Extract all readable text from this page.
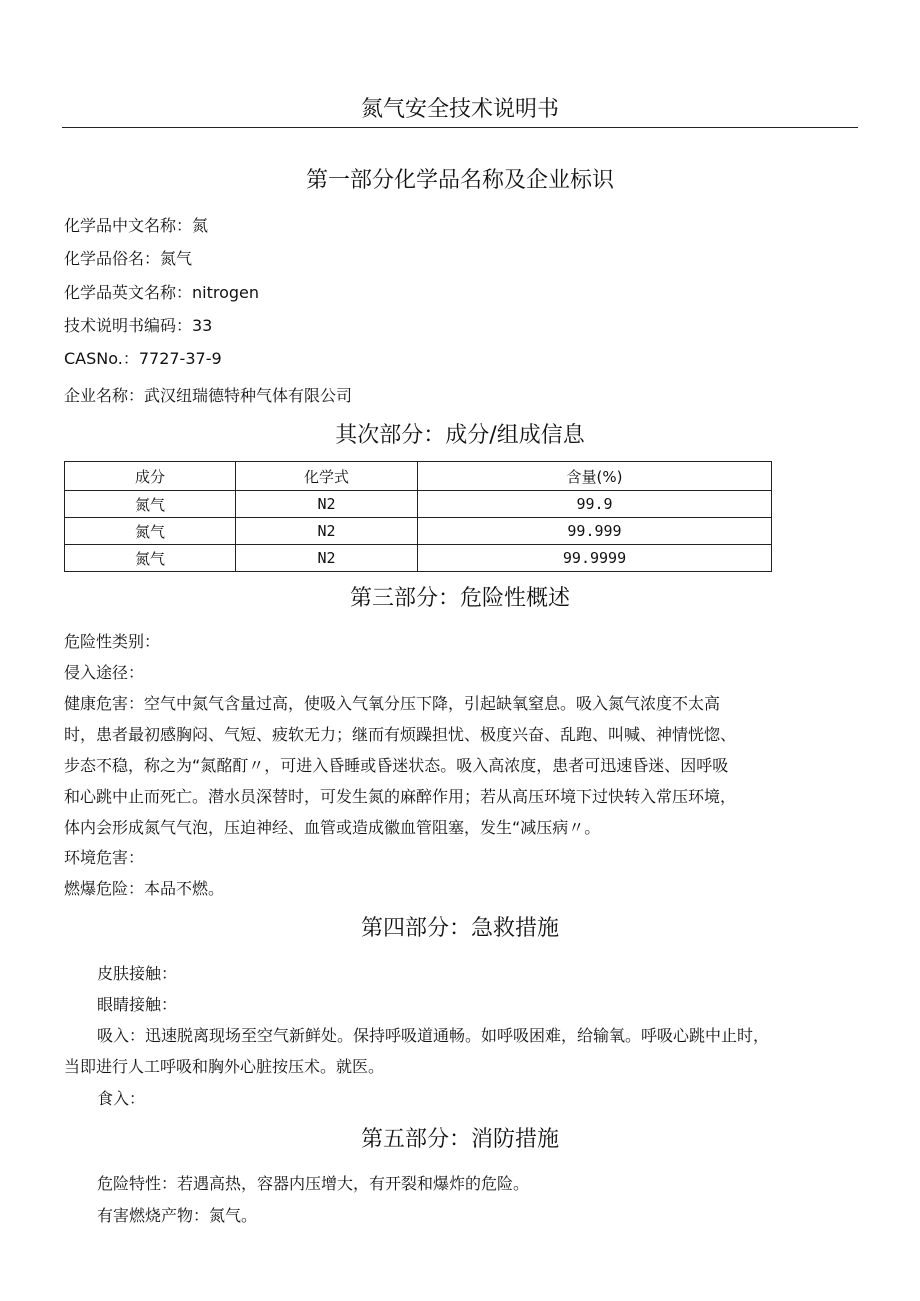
氮气安全技术说明书
第一部分化学品名称及企业标识
化学品中文名称：氮
化学品俗名：氮气
化学品英文名称：nitrogen
技术说明书编码：33
CASNo.：7727-37-9
企业名称：武汉纽瑞德特种气体有限公司
其次部分：成分/组成信息
成分	化学式	含量(%)
氮气	N2	99.9
氮气	N2	99.999
氮气	N2	99.9999
第三部分：危险性概述
危险性类别：
侵入途径：
健康危害：空气中氮气含量过高，使吸入气氧分压下降，引起缺氧窒息。吸入氮气浓度不太高
时，患者最初感胸闷、气短、疲软无力；继而有烦躁担忧、极度兴奋、乱跑、叫喊、神情恍惚、
步态不稳，称之为“氮酩酊〃，可进入昏睡或昏迷状态。吸入高浓度，患者可迅速昏迷、因呼吸
和心跳中止而死亡。潜水员深替时，可发生氮的麻醉作用；若从高压环境下过快转入常压环境，
体内会形成氮气气泡，压迫神经、血管或造成徽血管阻塞，发生“减压病〃。
环境危害：
燃爆危险：本品不燃。
第四部分：急救措施
皮肤接触：
眼睛接触：
吸入：迅速脱离现场至空气新鲜处。保持呼吸道通畅。如呼吸困难，给输氧。呼吸心跳中止时，
当即进行人工呼吸和胸外心脏按压术。就医。
食入：
第五部分：消防措施
危险特性：若遇高热，容器内压增大，有开裂和爆炸的危险。
有害燃烧产物：氮气。
